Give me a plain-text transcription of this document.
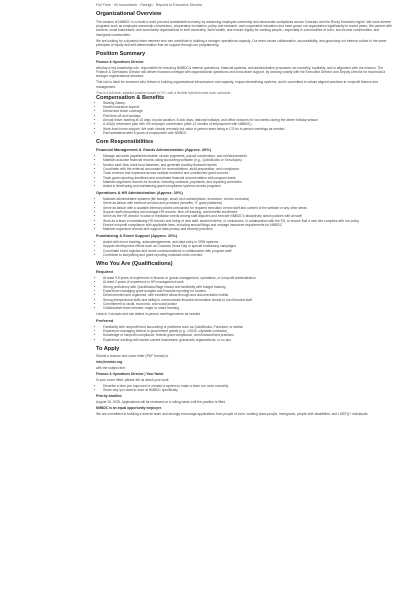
Full Time · 40 hours/week · Raleigh · Reports to Executive Director
Organizational Overview

The mission of NMBDC is to build a more just and sustainable economy by advancing employee ownership and democratic workplaces across Colorado and the Rocky Mountain region. We have diverse programs such as employee ownership conversions, cooperative incubation, policy and research, and cooperative education and have grown our organization significantly in recent years. We partner with workers, small businesses, and community organizations to shift ownership, build wealth, and ensure dignity for working people—especially in communities of color, low-income communities, and immigrant communities.

We are looking for a dynamic team member who can contribute to building a stronger operational capacity. Our team values collaboration, accountability, and grounding our internal culture in the same principles of equity and self-determination that we support through our programming.

Position Summary

Finance & Operations Director

will play a key leadership role, responsible for ensuring NMBDC's internal operations, financial systems, and administrative processes run smoothly, equitably, and in alignment with our mission. The Finance & Operations Director will deliver financial oversight with organizational operations and cross-team support, by working closely with the Executive Director and Deputy Director for lead build a stronger organizational structure.

This role is ideal for someone who thrives in building organizational infrastructure and capacity, enjoys streamlining systems, and is committed to values aligned practices in nonprofit finance and management.

This is a full-time, salaried position based in CO, with a flexible hybrid/remote work schedule.
Compensation & Benefits
• Starting Salary:
• Health insurance stipend
• Dental and vision coverage
• Paid time off and holidays
• Annual leave: starting at 15 days of paid vacation, 8 sick days, national holidays, and office closures for two weeks during the winter holiday season
• A 401(k) retirement plan with 4% employer contribution (after 12 months of employment with NMBDC)
• Work-from-home support. We work closely remotely but value in-person team being in CO for in-person meetings as needed.
• Paid sabbatical after 6 years of employment with NMBDC
Core Responsibilities
Financial Management & Grants Administration (Approx. 40%)
• Manage accounts payable/receivable, vendor payments, payroll coordination, and reimbursements
• Maintain accurate financial records using accounting software (e.g., QuickBooks or Xero/Aplos)
• Monitor cash flow, track fund balances, and generate monthly financial reports
• Coordinate with the external accountant for reconciliations, audit preparation, and compliance
• Track revenue and expenses across multiple restricted and unrestricted grant sources
• Track grant reporting deadlines and coordinate financial documentation with program leads
• Maintain organized records for funders, including contracts, payments, and reporting schedules
• Assist in developing and maintaining grant compliance systems across programs
Operations & HR Administration (Approx. 30%)
• Maintain administrative systems (file storage, email, tech subscriptions, insurance, vendor contracts)
• Serve as liaison with external vendors and providers (benefits, IT, grant platforms)
• Serve as liaison with a scalable internal policies onboarded for required execution of new staff and content of the website or any other areas
• Support staff onboarding and manage HR records, time-off tracking, and benefits enrollment
• Serve as the HR director in case of mediation needs among staff disputes and execute NMBDC's disciplinary action policies with all staff
• Work as a team in maintaining HR records and hiring of new staff, student interns, or contractors, in collaboration with the ED, to ensure that a new hire complies with our policy
• Ensure nonprofit compliance with applicable laws, including annual filings and manage insurance requirements for NMBDC
• Maintain organized records and support data privacy and security practices
Fundraising & Event Support (Approx. 20%)
• Assist with donor tracking, acknowledgements, and data entry in CRM systems
• Support development efforts such as Colorado Gives Day or special fundraising campaigns
• Coordinate event logistics and donor communications in collaboration with program staff
• Contribute to storytelling and grant reporting materials when needed
Who You Are (Qualifications)
Required
• At least 3-5 years of experience in finance or grants management, operations, or nonprofit administration
• At least 2 years of experience in HR management work
• Strong proficiency with QuickBooks/Sage Intacct and familiarity with budget tracking
• Experience managing grant budgets and financial reporting for funders
• Detail-oriented and organized, with excellent follow-through and documentation habits
• Strong interpersonal skills and ability to communicate financial information clearly to non-financial staff
• Commitment to racial, economic, and social justice
• Collaborative team member, eager to share learning

Lives in Colorado and can attend in-person meetings/events as needed

Preferred
• Familiarity with nonprofit fund accounting or platforms such as QuickBooks, Foundant, or similar
• Experience managing federal or government grants (e.g., USDA, city/state contracts)
• Knowledge of nonprofit compliance, federal grant compliance, and financial best practices
• Experience working with worker-owned businesses, grassroots organizations, or co-ops
To Apply

Submit a resume and cover letter (PDF format) to

info@nmbdc.org

with the subject line:

Finance & Operations Director | Your Name

In your cover letter, please tell us about your work

• Describe a time you improved or created a system to make a team run more smoothly
• Share why you want to work at NMBDC specifically

Priority deadline

August 15, 2025. Applications will be reviewed on a rolling basis until the position is filled.

NMBDC is an equal opportunity employer.

We are committed to building a diverse team and strongly encourage applications from people of color, working class people, immigrants, people with disabilities, and LGBTQ+ individuals.
